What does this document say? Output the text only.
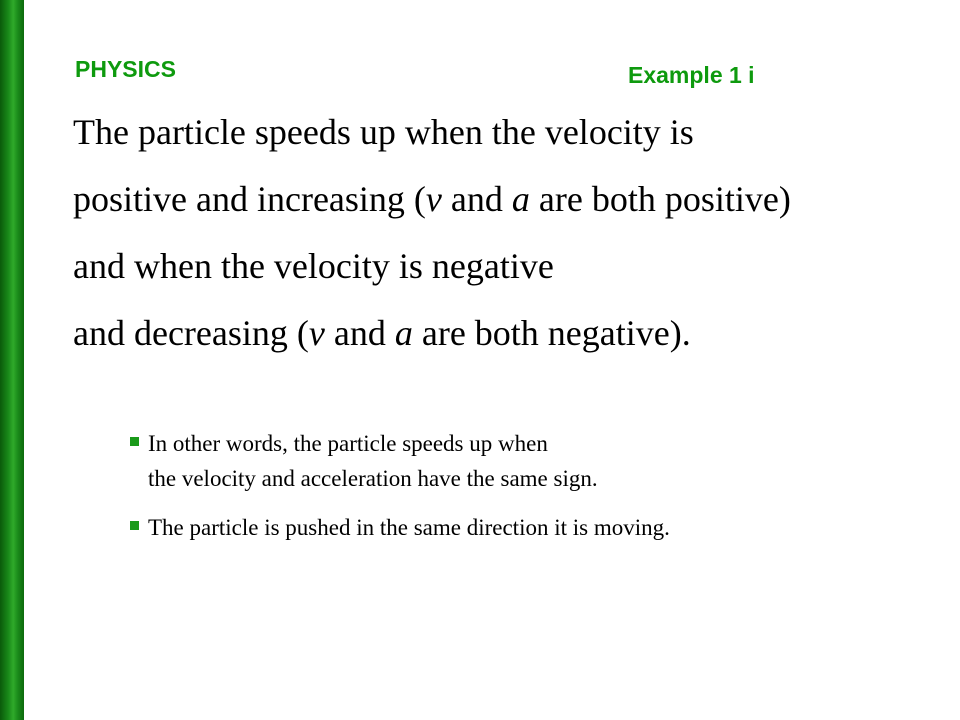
PHYSICS	Example 1 i
The particle speeds up when the velocity is
positive and increasing (v and a are both positive)
and when the velocity is negative
and decreasing (v and a are both negative).
In other words, the particle speeds up when
the velocity and acceleration have the same sign.
The particle is pushed in the same direction it is moving.
